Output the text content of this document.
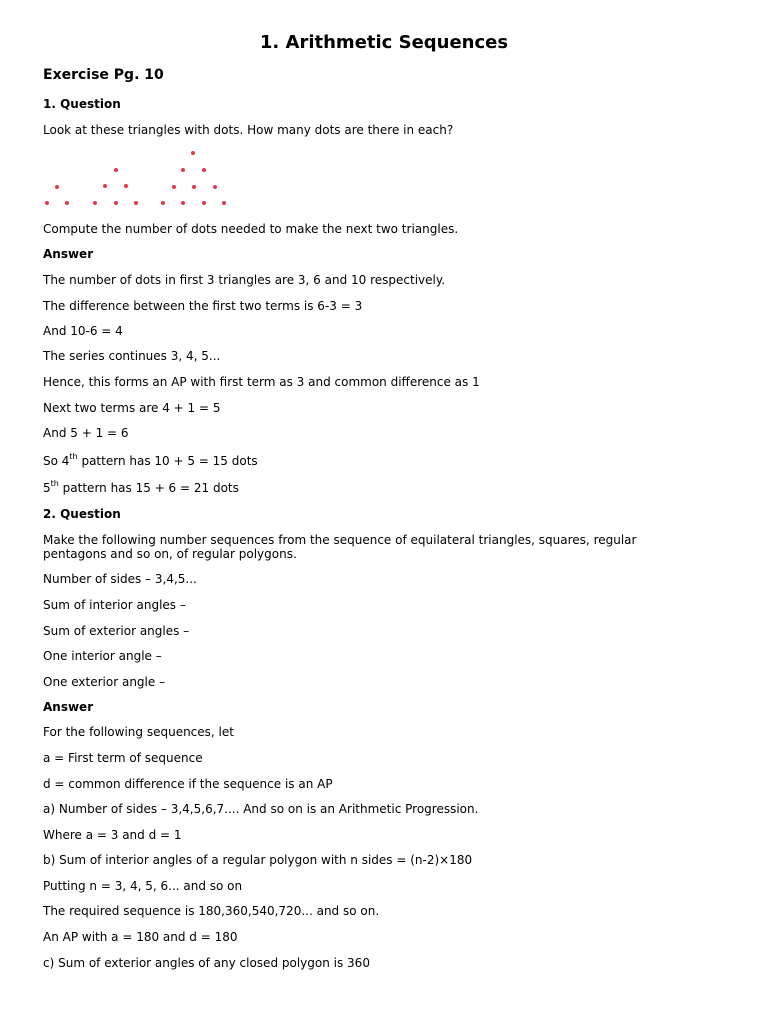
1. Arithmetic Sequences
Exercise Pg. 10

1. Question

Look at these triangles with dots. How many dots are there in each?

Compute the number of dots needed to make the next two triangles.

Answer

The number of dots in first 3 triangles are 3, 6 and 10 respectively.

The difference between the first two terms is 6-3 = 3

And 10-6 = 4

The series continues 3, 4, 5...

Hence, this forms an AP with first term as 3 and common difference as 1

Next two terms are 4 + 1 = 5

And 5 + 1 = 6

So 4th pattern has 10 + 5 = 15 dots

5th pattern has 15 + 6 = 21 dots

2. Question

Make the following number sequences from the sequence of equilateral triangles, squares, regular pentagons and so on, of regular polygons.

Number of sides – 3,4,5...

Sum of interior angles –

Sum of exterior angles –

One interior angle –

One exterior angle –

Answer

For the following sequences, let

a = First term of sequence

d = common difference if the sequence is an AP

a) Number of sides – 3,4,5,6,7.... And so on is an Arithmetic Progression.

Where a = 3 and d = 1

b) Sum of interior angles of a regular polygon with n sides = (n-2)×180

Putting n = 3, 4, 5, 6... and so on

The required sequence is 180,360,540,720... and so on.

An AP with a = 180 and d = 180

c) Sum of exterior angles of any closed polygon is 360
